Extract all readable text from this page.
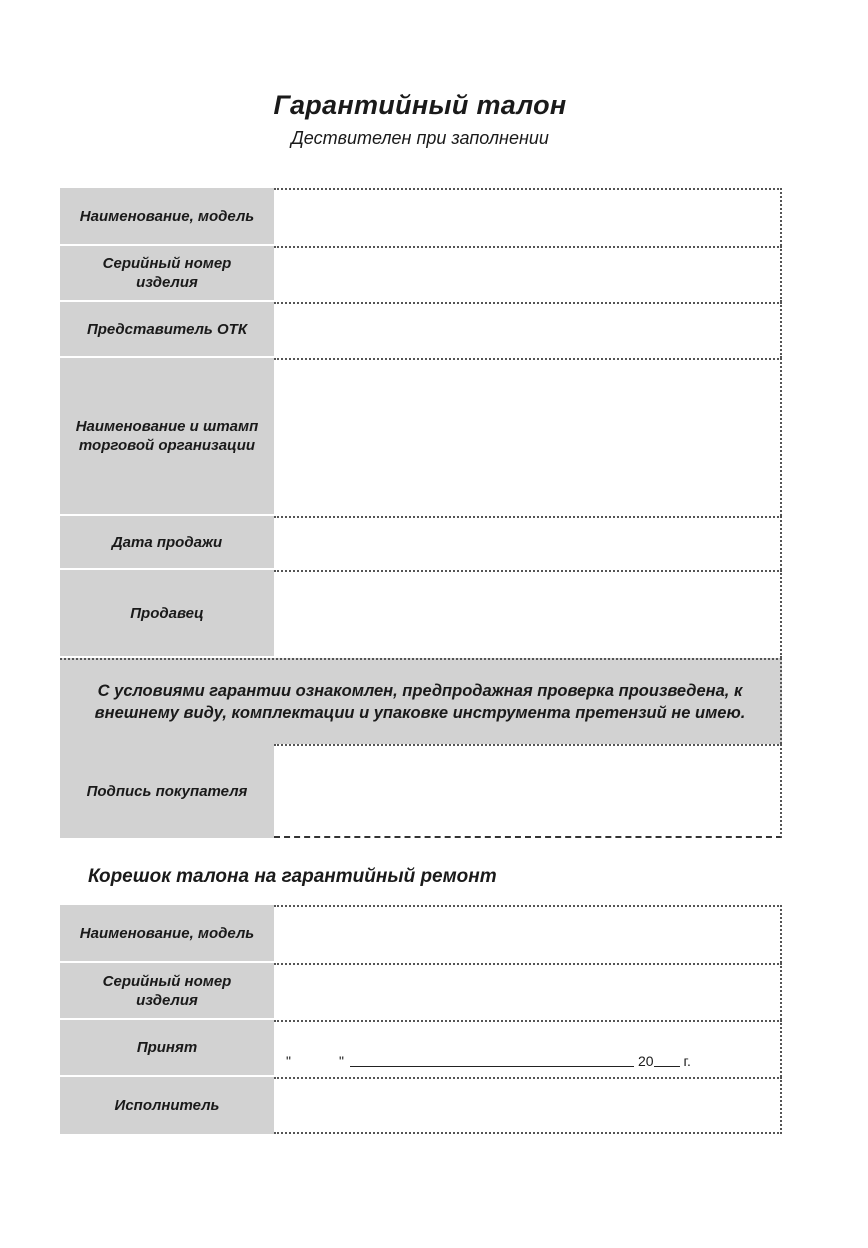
Гарантийный талон
Дествителен при заполнении
Наименование, модель
Серийный номер изделия
Представитель ОТК
Наименование и штамп торговой организации
Дата продажи
Продавец
С условиями гарантии ознакомлен, предпродажная проверка произведена, к внешнему виду, комплектации и упаковке инструмента претензий не имею.
Подпись покупателя
Корешок талона на гарантийный ремонт
Наименование, модель
Серийный номер изделия
Принят
"	"	20 г.
Исполнитель
